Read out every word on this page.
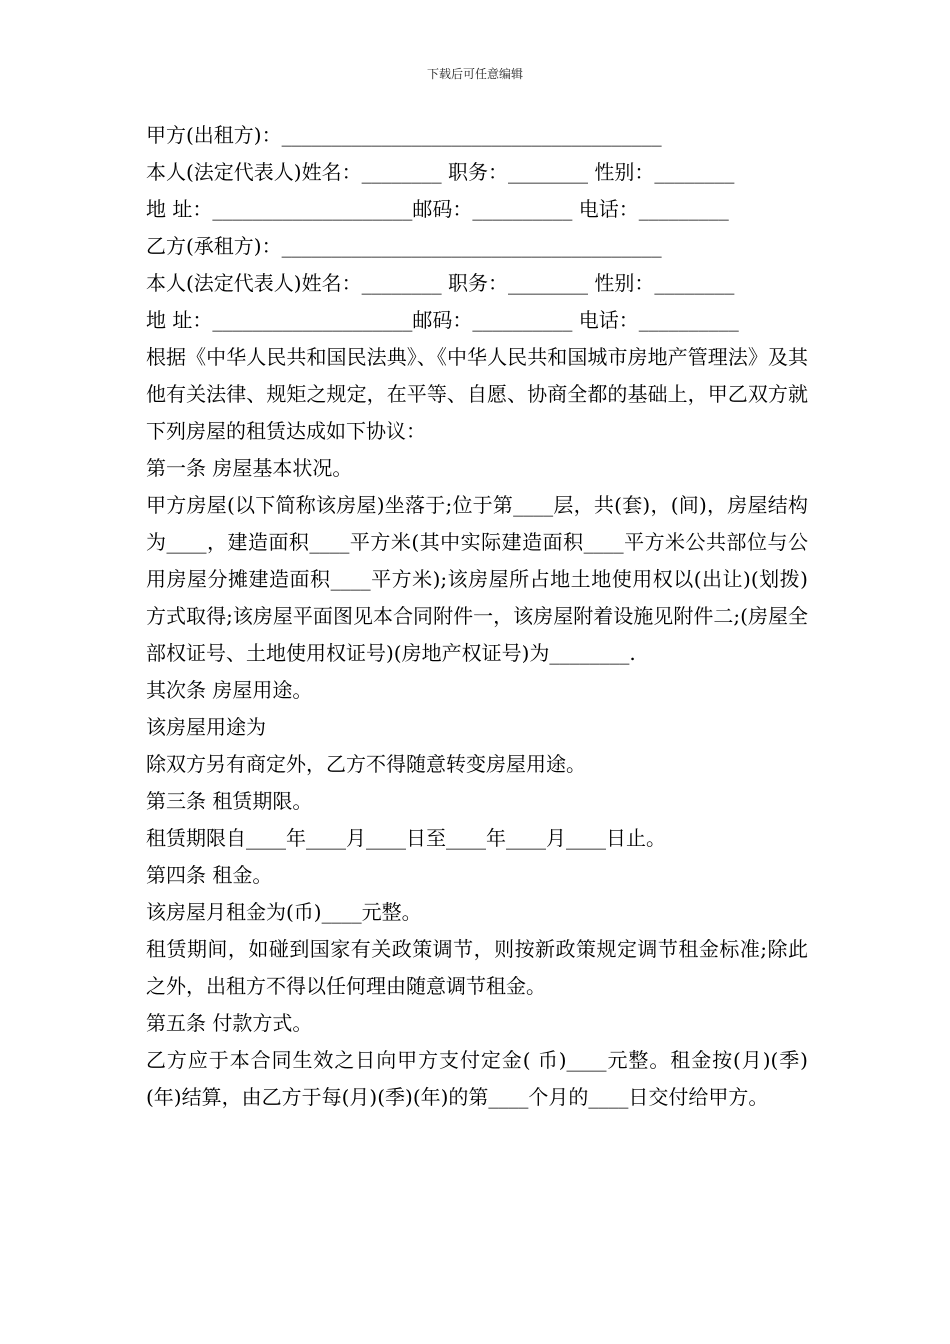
下载后可任意编辑
甲方(出租方)：______________________________________
本人(法定代表人)姓名：________ 职务：________ 性别：________
地 址：____________________邮码：__________ 电话：_________
乙方(承租方)：______________________________________
本人(法定代表人)姓名：________ 职务：________ 性别：________
地 址：____________________邮码：__________ 电话：__________
根据《中华人民共和国民法典》、《中华人民共和国城市房地产管理法》及其他有关法律、规矩之规定，在平等、自愿、协商全都的基础上，甲乙双方就下列房屋的租赁达成如下协议：
第一条 房屋基本状况。
甲方房屋(以下简称该房屋)坐落于;位于第____层，共(套)，(间)，房屋结构为____，建造面积____平方米(其中实际建造面积____平方米公共部位与公用房屋分摊建造面积____平方米);该房屋所占地土地使用权以(出让)(划拨)方式取得;该房屋平面图见本合同附件一，该房屋附着设施见附件二;(房屋全部权证号、土地使用权证号)(房地产权证号)为________.
其次条 房屋用途。
该房屋用途为
除双方另有商定外，乙方不得随意转变房屋用途。
第三条 租赁期限。
租赁期限自____年____月____日至____年____月____日止。
第四条 租金。
该房屋月租金为(币)____元整。
租赁期间，如碰到国家有关政策调节，则按新政策规定调节租金标准;除此之外，出租方不得以任何理由随意调节租金。
第五条 付款方式。
乙方应于本合同生效之日向甲方支付定金( 币)____元整。租金按(月)(季)(年)结算，由乙方于每(月)(季)(年)的第____个月的____日交付给甲方。
